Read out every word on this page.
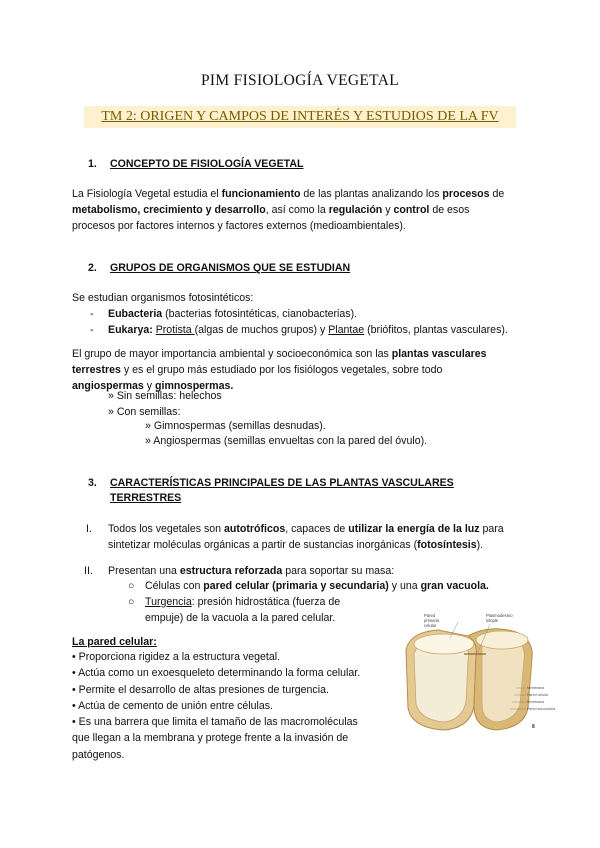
PIM FISIOLOGÍA VEGETAL
TM 2: ORIGEN Y CAMPOS DE INTERÉS Y ESTUDIOS DE LA FV
1. CONCEPTO DE FISIOLOGÍA VEGETAL
La Fisiología Vegetal estudia el funcionamiento de las plantas analizando los procesos de
metabolismo, crecimiento y desarrollo, así como la regulación y control de esos
procesos por factores internos y factores externos (medioambientales).
2. GRUPOS DE ORGANISMOS QUE SE ESTUDIAN
Se estudian organismos fotosintéticos:
- Eubacteria (bacterias fotosintéticas, cianobacterias).
- Eukarya: Protista (algas de muchos grupos) y Plantae (briófitos, plantas vasculares).
El grupo de mayor importancia ambiental y socioeconómica son las plantas vasculares
terrestres y es el grupo más estudiado por los fisiólogos vegetales, sobre todo
angiospermas y gimnospermas.
» Sin semillas: helechos
» Con semillas:
» Gimnospermas (semillas desnudas).
» Angiospermas (semillas envueltas con la pared del óvulo).
3. CARACTERÍSTICAS PRINCIPALES DE LAS PLANTAS VASCULARES
TERRESTRES
I. Todos los vegetales son autotróficos, capaces de utilizar la energía de la luz para
sintetizar moléculas orgánicas a partir de sustancias inorgánicas (fotosíntesis).
II. Presentan una estructura reforzada para soportar su masa:
○ Células con pared celular (primaria y secundaria) y una gran vacuola.
○ Turgencia: presión hidrostática (fuerza de
empuje) de la vacuola a la pared celular.
La pared celular:
• Proporciona rigidez a la estructura vegetal.
• Actúa como un exoesqueleto determinando la forma celular.
• Permite el desarrollo de altas presiones de turgencia.
• Actúa de cemento de unión entre células.
• Es una barrera que limita el tamaño de las macromoléculas
que llegan a la membrana y protege frente a la invasión de
patógenos.
Pared
primaria
celular
Plasmodesmo
simple
Membrana
Pared celular
Membrana
Pared secundaria
8
